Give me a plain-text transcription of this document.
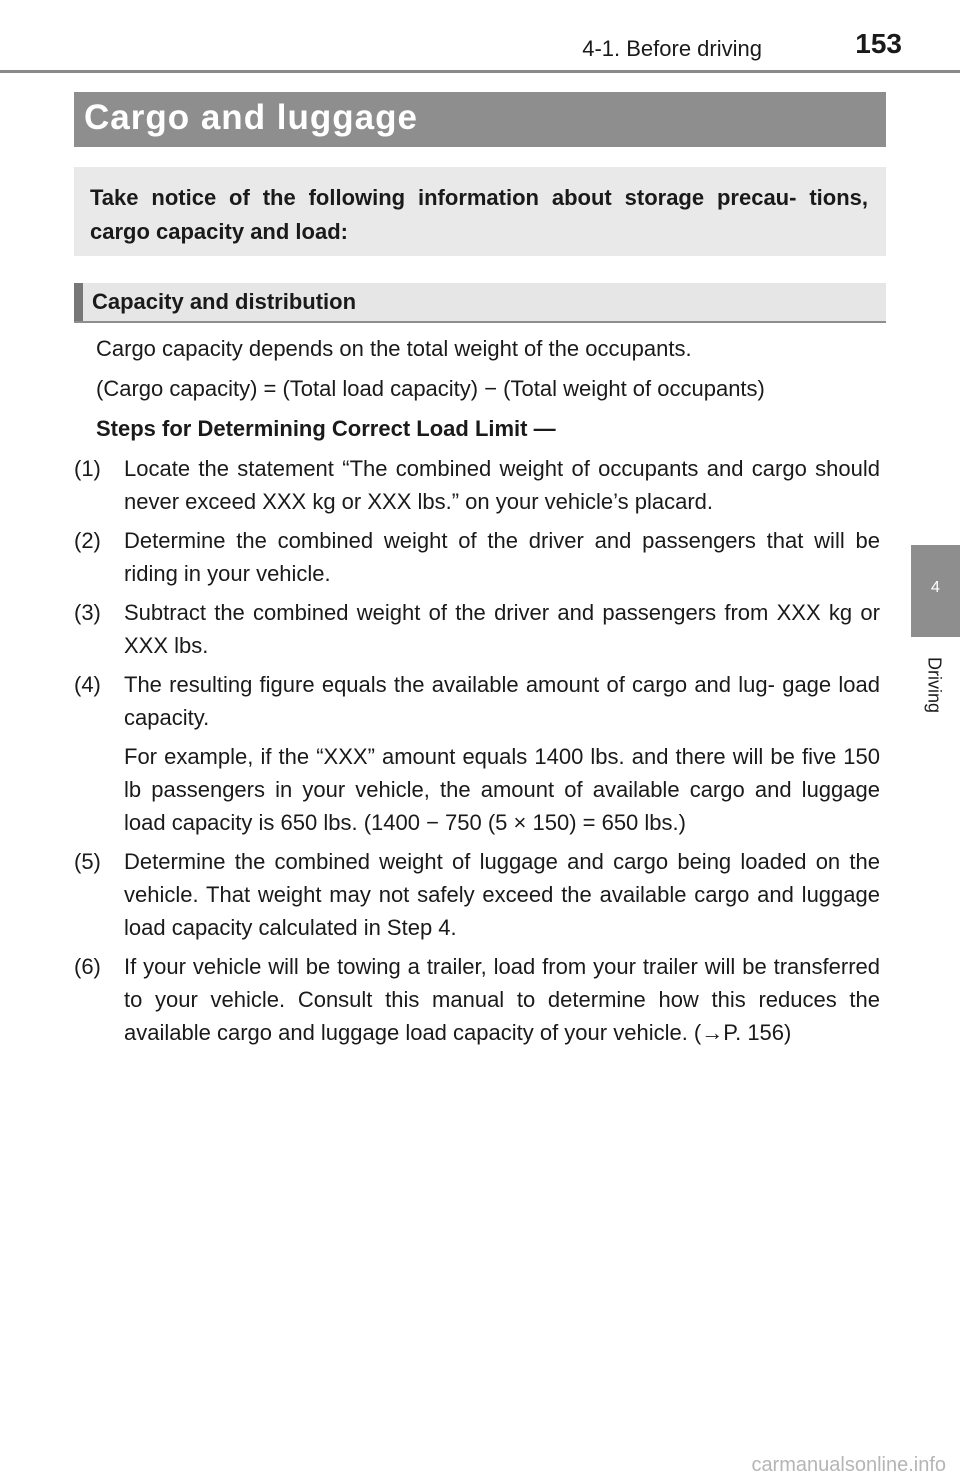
4-1. Before driving	153
Cargo and luggage
Take notice of the following information about storage precau- tions, cargo capacity and load:
Capacity and distribution

Cargo capacity depends on the total weight of the occupants.

(Cargo capacity) = (Total load capacity) − (Total weight of occupants)

Steps for Determining Correct Load Limit —

(1)	Locate the statement “The combined weight of occupants and cargo should never exceed XXX kg or XXX lbs.” on your vehicle’s placard.
(2)	Determine the combined weight of the driver and passengers that will be riding in your vehicle.
(3)	Subtract the combined weight of the driver and passengers from XXX kg or XXX lbs.
(4)	The resulting figure equals the available amount of cargo and lug- gage load capacity.
For example, if the “XXX” amount equals 1400 lbs. and there will be five 150 lb passengers in your vehicle, the amount of available cargo and luggage load capacity is 650 lbs. (1400 − 750 (5 × 150) = 650 lbs.)
(5)	Determine the combined weight of luggage and cargo being loaded on the vehicle. That weight may not safely exceed the available cargo and luggage load capacity calculated in Step 4.
(6)	If your vehicle will be towing a trailer, load from your trailer will be transferred to your vehicle. Consult this manual to determine how this reduces the available cargo and luggage load capacity of your vehicle. (→P. 156)
4
Driving
carmanualsonline.info
